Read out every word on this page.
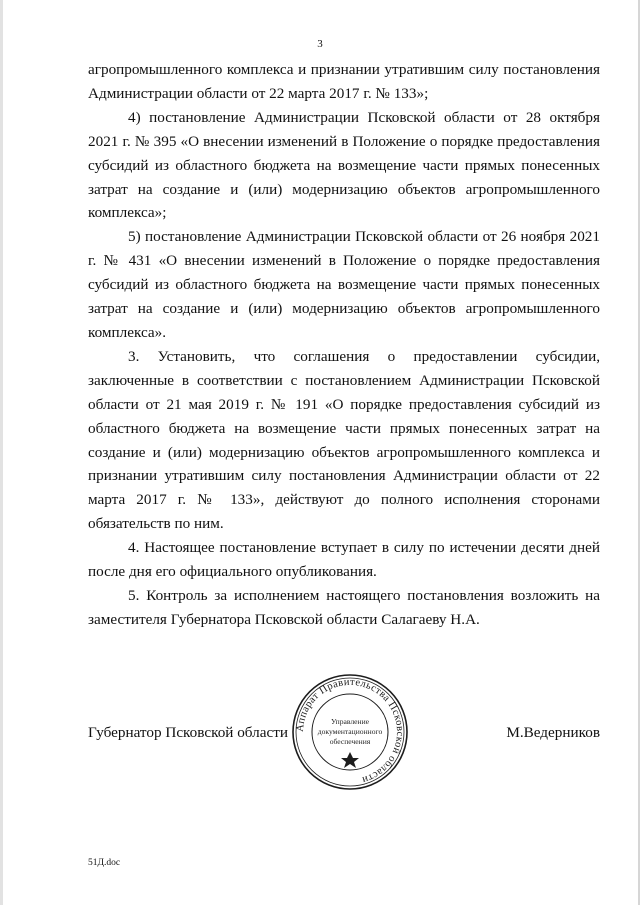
3

агропромышленного комплекса и признании утратившим силу постановления Администрации области от 22 марта 2017 г. № 133»;

4) постановление Администрации Псковской области от 28 октября 2021 г. № 395 «О внесении изменений в Положение о порядке предоставления субсидий из областного бюджета на возмещение части прямых понесенных затрат на создание и (или) модернизацию объектов агропромышленного комплекса»;

5) постановление Администрации Псковской области от 26 ноября 2021 г. № 431 «О внесении изменений в Положение о порядке предоставления субсидий из областного бюджета на возмещение части прямых понесенных затрат на создание и (или) модернизацию объектов агропромышленного комплекса».

3. Установить, что соглашения о предоставлении субсидии, заключенные в соответствии с постановлением Администрации Псковской области от 21 мая 2019 г. № 191 «О порядке предоставления субсидий из областного бюджета на возмещение части прямых понесенных затрат на создание и (или) модернизацию объектов агропромышленного комплекса и признании утратившим силу постановления Администрации области от 22 марта 2017 г. № 133», действуют до полного исполнения сторонами обязательств по ним.

4. Настоящее постановление вступает в силу по истечении десяти дней после дня его официального опубликования.

5. Контроль за исполнением настоящего постановления возложить на заместителя Губернатора Псковской области Салагаеву Н.А.

Губернатор Псковской области	М.Ведерников
Аппарат Правительства Псковской области
Управление
документационного
обеспечения
51Д.doc
